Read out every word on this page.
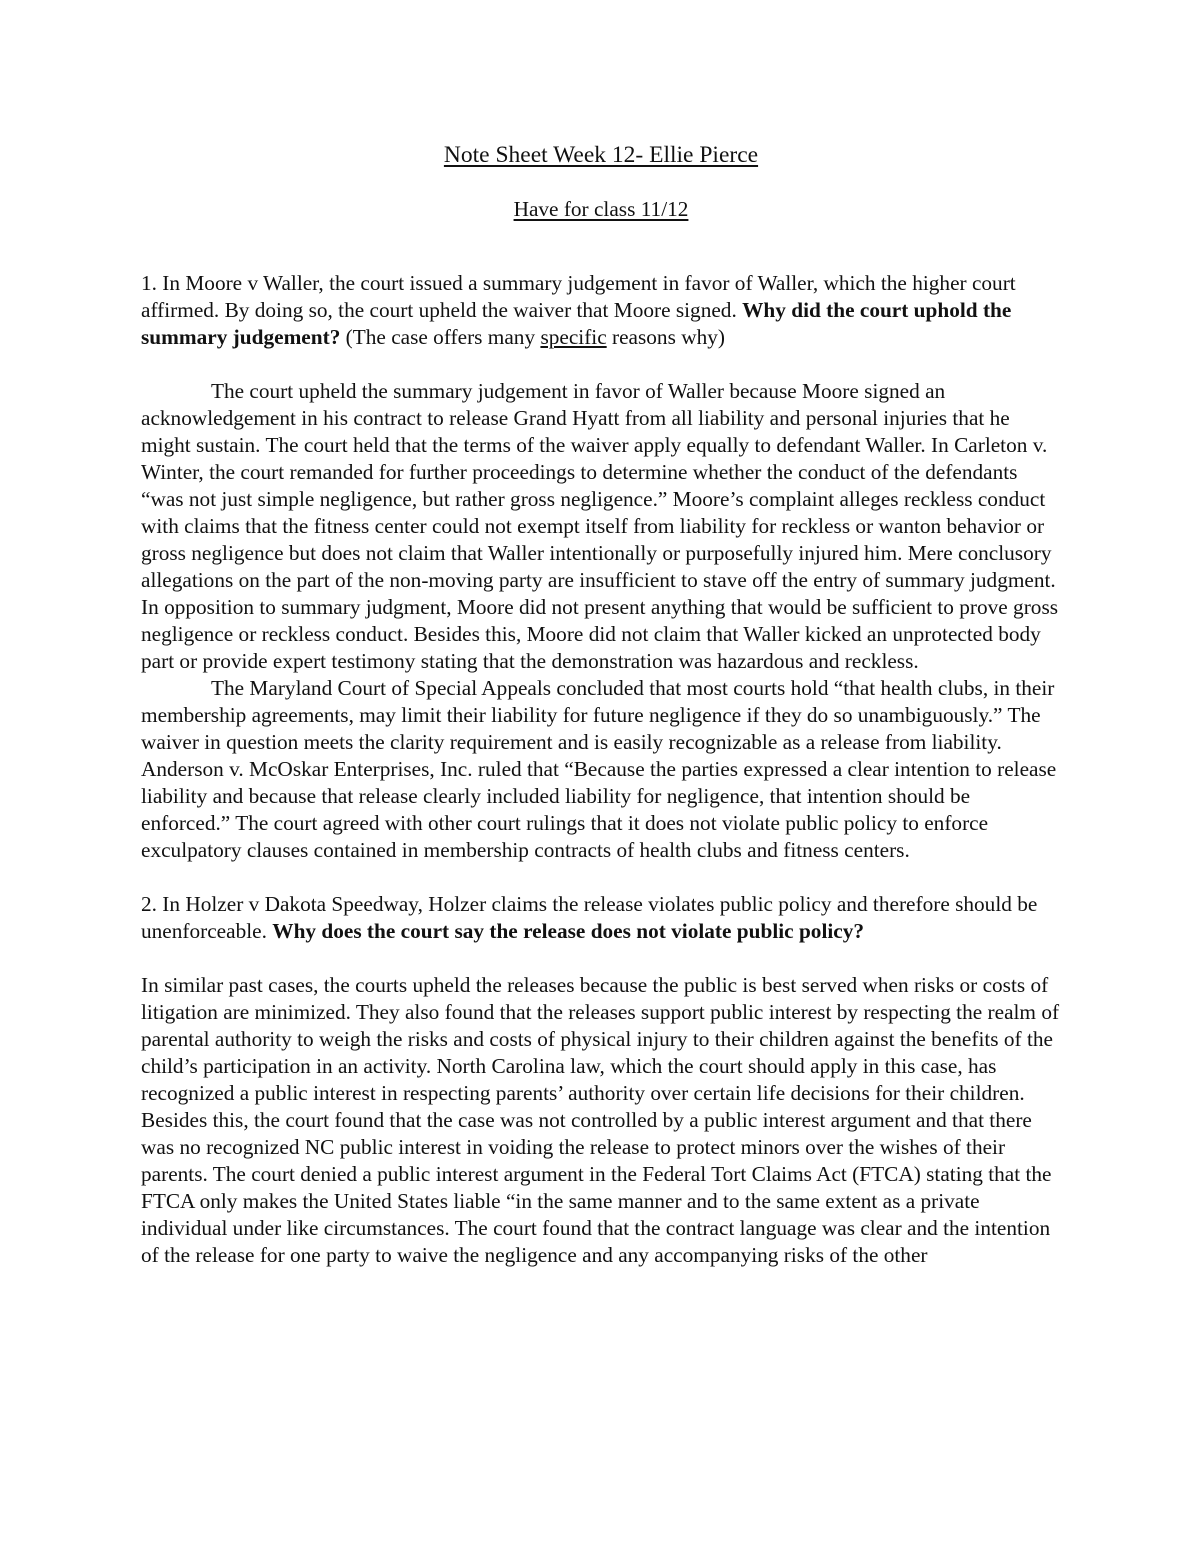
Note Sheet Week 12- Ellie Pierce

Have for class 11/12

1. In Moore v Waller, the court issued a summary judgement in favor of Waller, which the higher court affirmed. By doing so, the court upheld the waiver that Moore signed. Why did the court uphold the summary judgement? (The case offers many specific reasons why)

The court upheld the summary judgement in favor of Waller because Moore signed an acknowledgement in his contract to release Grand Hyatt from all liability and personal injuries that he might sustain. The court held that the terms of the waiver apply equally to defendant Waller. In Carleton v. Winter, the court remanded for further proceedings to determine whether the conduct of the defendants “was not just simple negligence, but rather gross negligence.” Moore’s complaint alleges reckless conduct with claims that the fitness center could not exempt itself from liability for reckless or wanton behavior or gross negligence but does not claim that Waller intentionally or purposefully injured him. Mere conclusory allegations on the part of the non-moving party are insufficient to stave off the entry of summary judgment. In opposition to summary judgment, Moore did not present anything that would be sufficient to prove gross negligence or reckless conduct. Besides this, Moore did not claim that Waller kicked an unprotected body part or provide expert testimony stating that the demonstration was hazardous and reckless.

The Maryland Court of Special Appeals concluded that most courts hold “that health clubs, in their membership agreements, may limit their liability for future negligence if they do so unambiguously.” The waiver in question meets the clarity requirement and is easily recognizable as a release from liability. Anderson v. McOskar Enterprises, Inc. ruled that “Because the parties expressed a clear intention to release liability and because that release clearly included liability for negligence, that intention should be enforced.” The court agreed with other court rulings that it does not violate public policy to enforce exculpatory clauses contained in membership contracts of health clubs and fitness centers.

2. In Holzer v Dakota Speedway, Holzer claims the release violates public policy and therefore should be unenforceable. Why does the court say the release does not violate public policy?

In similar past cases, the courts upheld the releases because the public is best served when risks or costs of litigation are minimized. They also found that the releases support public interest by respecting the realm of parental authority to weigh the risks and costs of physical injury to their children against the benefits of the child’s participation in an activity. North Carolina law, which the court should apply in this case, has recognized a public interest in respecting parents’ authority over certain life decisions for their children. Besides this, the court found that the case was not controlled by a public interest argument and that there was no recognized NC public interest in voiding the release to protect minors over the wishes of their parents. The court denied a public interest argument in the Federal Tort Claims Act (FTCA) stating that the FTCA only makes the United States liable “in the same manner and to the same extent as a private individual under like circumstances. The court found that the contract language was clear and the intention of the release for one party to waive the negligence and any accompanying risks of the other
